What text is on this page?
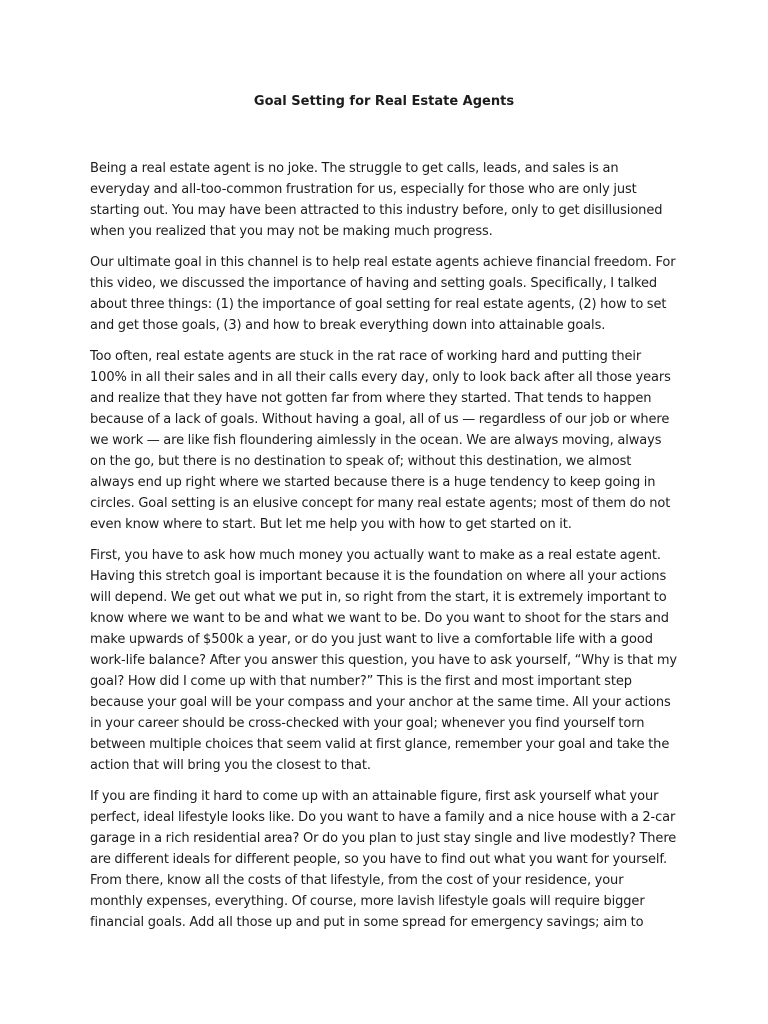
Goal Setting for Real Estate Agents

Being a real estate agent is no joke. The struggle to get calls, leads, and sales is an everyday and all-too-common frustration for us, especially for those who are only just starting out. You may have been attracted to this industry before, only to get disillusioned when you realized that you may not be making much progress.

Our ultimate goal in this channel is to help real estate agents achieve financial freedom. For this video, we discussed the importance of having and setting goals. Specifically, I talked about three things: (1) the importance of goal setting for real estate agents, (2) how to set and get those goals, (3) and how to break everything down into attainable goals.

Too often, real estate agents are stuck in the rat race of working hard and putting their 100% in all their sales and in all their calls every day, only to look back after all those years and realize that they have not gotten far from where they started. That tends to happen because of a lack of goals. Without having a goal, all of us — regardless of our job or where we work — are like fish floundering aimlessly in the ocean. We are always moving, always on the go, but there is no destination to speak of; without this destination, we almost always end up right where we started because there is a huge tendency to keep going in circles. Goal setting is an elusive concept for many real estate agents; most of them do not even know where to start. But let me help you with how to get started on it.

First, you have to ask how much money you actually want to make as a real estate agent. Having this stretch goal is important because it is the foundation on where all your actions will depend. We get out what we put in, so right from the start, it is extremely important to know where we want to be and what we want to be. Do you want to shoot for the stars and make upwards of $500k a year, or do you just want to live a comfortable life with a good work-life balance? After you answer this question, you have to ask yourself, “Why is that my goal? How did I come up with that number?” This is the first and most important step because your goal will be your compass and your anchor at the same time. All your actions in your career should be cross-checked with your goal; whenever you find yourself torn between multiple choices that seem valid at first glance, remember your goal and take the action that will bring you the closest to that.

If you are finding it hard to come up with an attainable figure, first ask yourself what your perfect, ideal lifestyle looks like. Do you want to have a family and a nice house with a 2-car garage in a rich residential area? Or do you plan to just stay single and live modestly? There are different ideals for different people, so you have to find out what you want for yourself. From there, know all the costs of that lifestyle, from the cost of your residence, your monthly expenses, everything. Of course, more lavish lifestyle goals will require bigger financial goals. Add all those up and put in some spread for emergency savings; aim to
